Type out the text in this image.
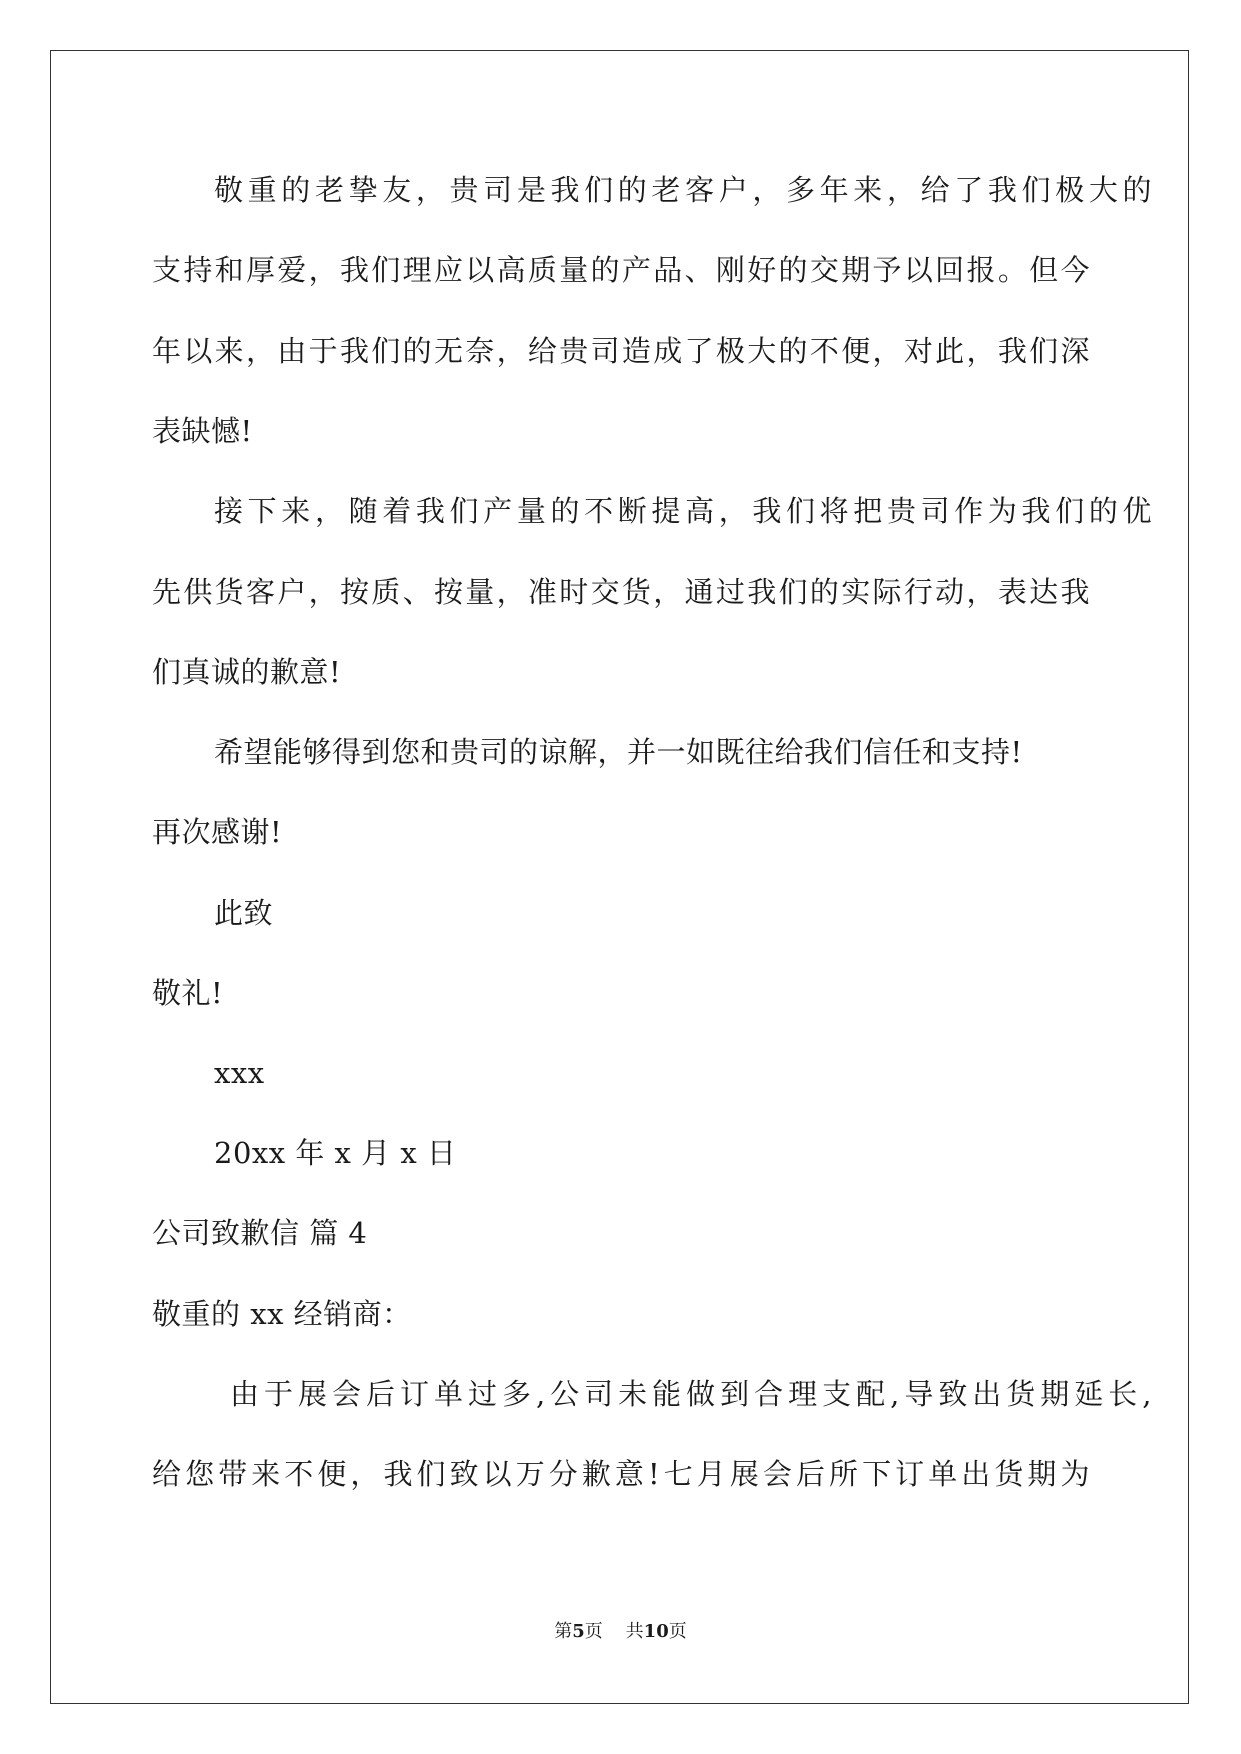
敬重的老挚友，贵司是我们的老客户，多年来，给了我们极大的
支持和厚爱，我们理应以高质量的产品、刚好的交期予以回报。但今
年以来，由于我们的无奈，给贵司造成了极大的不便，对此，我们深
表缺憾!
接下来，随着我们产量的不断提高，我们将把贵司作为我们的优
先供货客户，按质、按量，准时交货，通过我们的实际行动，表达我
们真诚的歉意!
希望能够得到您和贵司的谅解，并一如既往给我们信任和支持!
再次感谢!
此致
敬礼!
xxx
20xx 年 x 月 x 日
公司致歉信 篇 4
敬重的 xx 经销商：
由于展会后订单过多,公司未能做到合理支配,导致出货期延长,
给您带来不便，我们致以万分歉意!七月展会后所下订单出货期为
第5页    共10页
